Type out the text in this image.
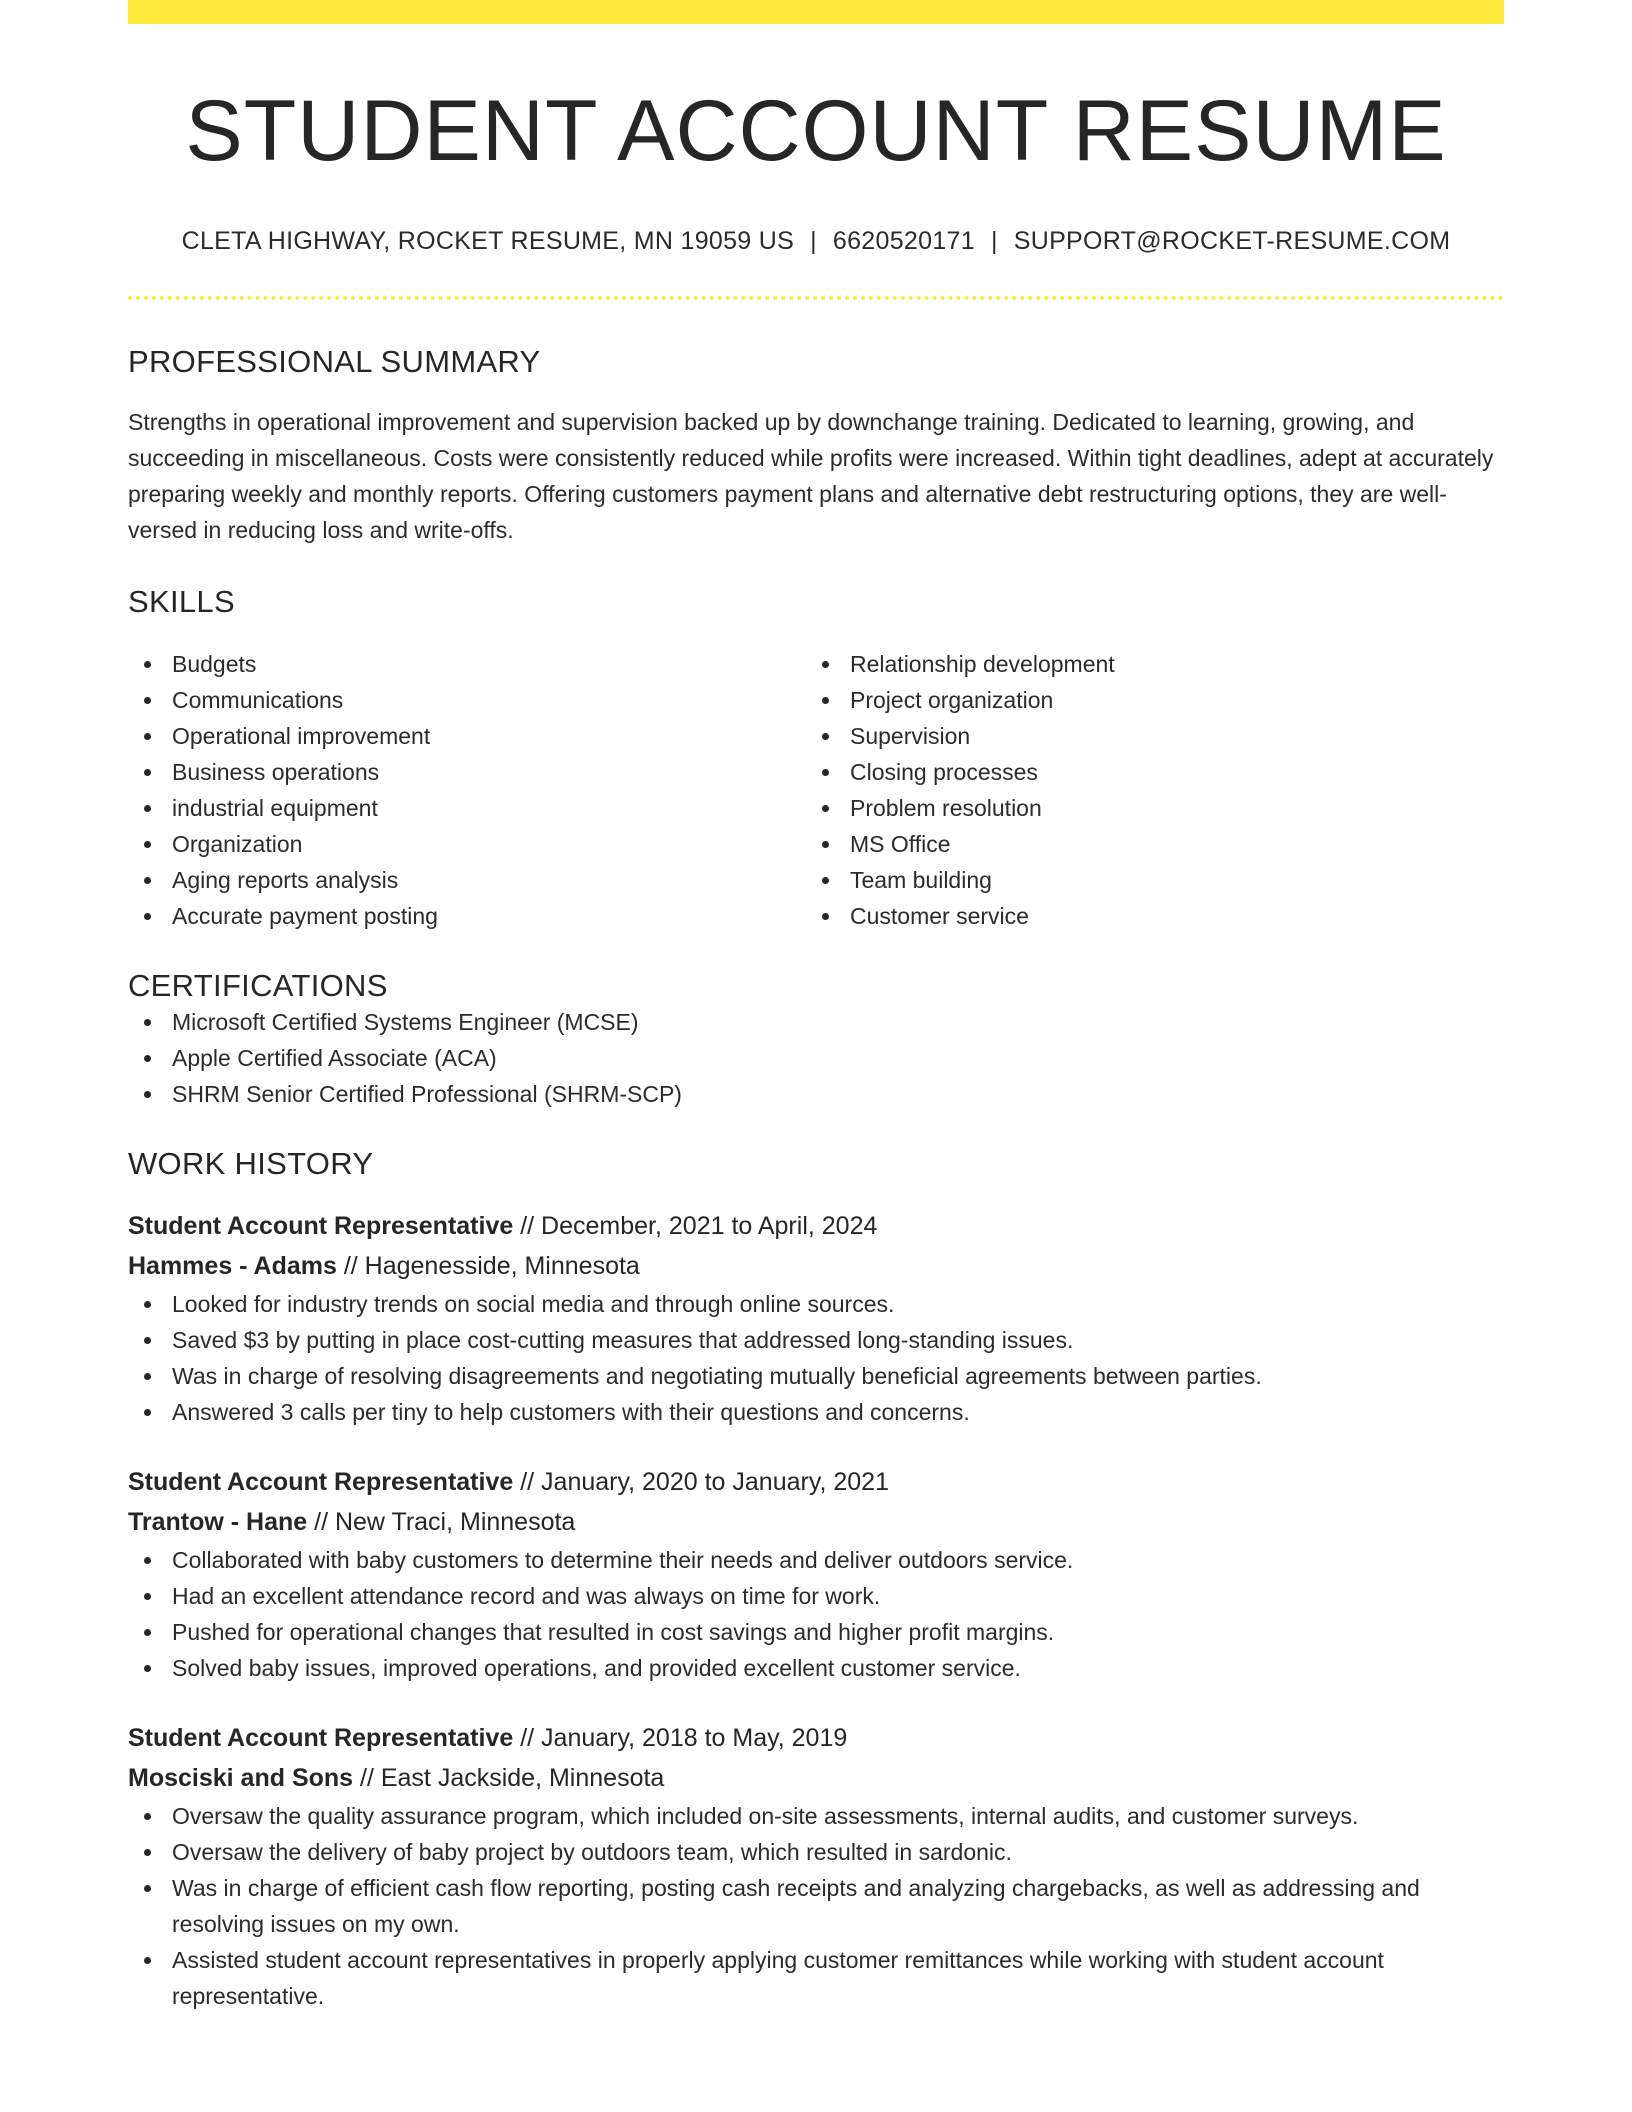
STUDENT ACCOUNT RESUME
CLETA HIGHWAY, ROCKET RESUME, MN 19059 US | 6620520171 | SUPPORT@ROCKET-RESUME.COM
PROFESSIONAL SUMMARY

Strengths in operational improvement and supervision backed up by downchange training. Dedicated to learning, growing, and succeeding in miscellaneous. Costs were consistently reduced while profits were increased. Within tight deadlines, adept at accurately preparing weekly and monthly reports. Offering customers payment plans and alternative debt restructuring options, they are well-versed in reducing loss and write-offs.

SKILLS
Budgets
Communications
Operational improvement
Business operations
industrial equipment
Organization
Aging reports analysis
Accurate payment posting
Relationship development
Project organization
Supervision
Closing processes
Problem resolution
MS Office
Team building
Customer service
CERTIFICATIONS
Microsoft Certified Systems Engineer (MCSE)
Apple Certified Associate (ACA)
SHRM Senior Certified Professional (SHRM-SCP)
WORK HISTORY
Student Account Representative // December, 2021 to April, 2024
Hammes - Adams // Hagenesside, Minnesota
Looked for industry trends on social media and through online sources.
Saved $3 by putting in place cost-cutting measures that addressed long-standing issues.
Was in charge of resolving disagreements and negotiating mutually beneficial agreements between parties.
Answered 3 calls per tiny to help customers with their questions and concerns.
Student Account Representative // January, 2020 to January, 2021
Trantow - Hane // New Traci, Minnesota
Collaborated with baby customers to determine their needs and deliver outdoors service.
Had an excellent attendance record and was always on time for work.
Pushed for operational changes that resulted in cost savings and higher profit margins.
Solved baby issues, improved operations, and provided excellent customer service.
Student Account Representative // January, 2018 to May, 2019
Mosciski and Sons // East Jackside, Minnesota
Oversaw the quality assurance program, which included on-site assessments, internal audits, and customer surveys.
Oversaw the delivery of baby project by outdoors team, which resulted in sardonic.
Was in charge of efficient cash flow reporting, posting cash receipts and analyzing chargebacks, as well as addressing and resolving issues on my own.
Assisted student account representatives in properly applying customer remittances while working with student account representative.
